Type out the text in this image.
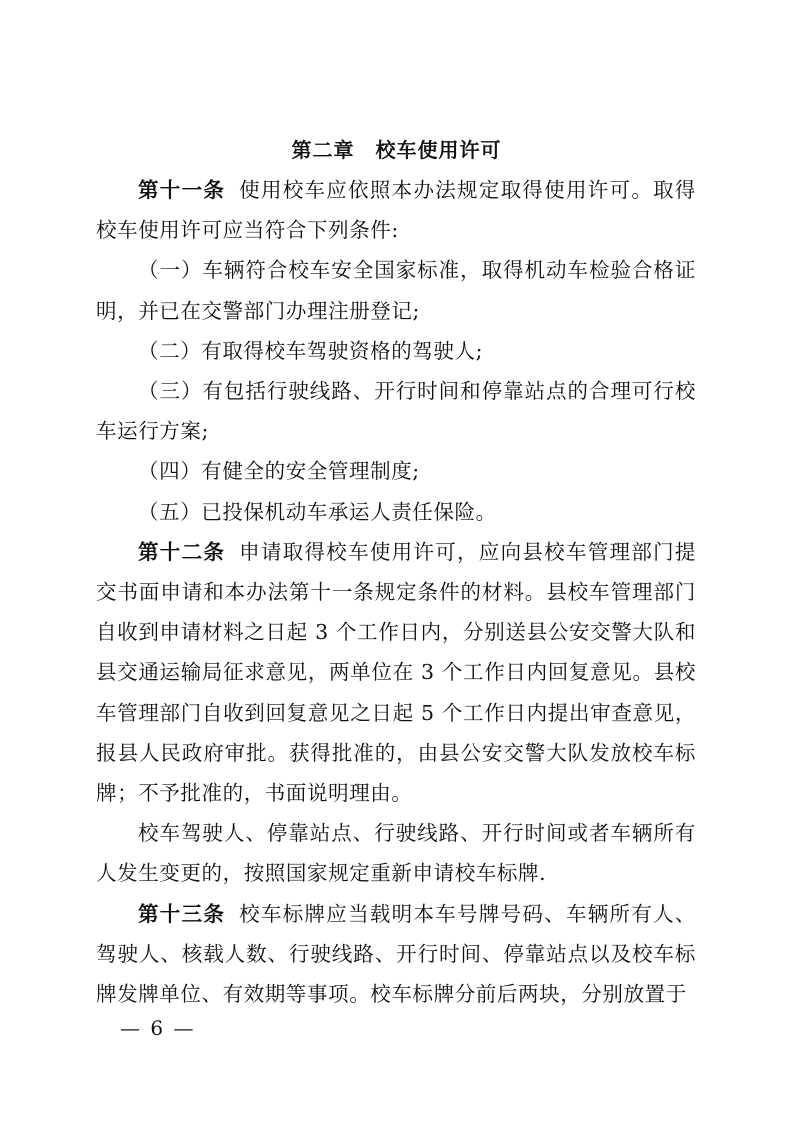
第二章　校车使用许可

第十一条 使用校车应依照本办法规定取得使用许可。取得校车使用许可应当符合下列条件:

（一）车辆符合校车安全国家标准，取得机动车检验合格证明，并已在交警部门办理注册登记;

（二）有取得校车驾驶资格的驾驶人;

（三）有包括行驶线路、开行时间和停靠站点的合理可行校车运行方案;

（四）有健全的安全管理制度;

（五）已投保机动车承运人责任保险。

第十二条 申请取得校车使用许可，应向县校车管理部门提交书面申请和本办法第十一条规定条件的材料。县校车管理部门自收到申请材料之日起 3 个工作日内，分别送县公安交警大队和县交通运输局征求意见，两单位在 3 个工作日内回复意见。县校车管理部门自收到回复意见之日起 5 个工作日内提出审查意见，报县人民政府审批。获得批准的，由县公安交警大队发放校车标牌；不予批准的，书面说明理由。

校车驾驶人、停靠站点、行驶线路、开行时间或者车辆所有人发生变更的，按照国家规定重新申请校车标牌.

第十三条 校车标牌应当载明本车号牌号码、车辆所有人、驾驶人、核载人数、行驶线路、开行时间、停靠站点以及校车标牌发牌单位、有效期等事项。校车标牌分前后两块，分别放置于

— 6 —
